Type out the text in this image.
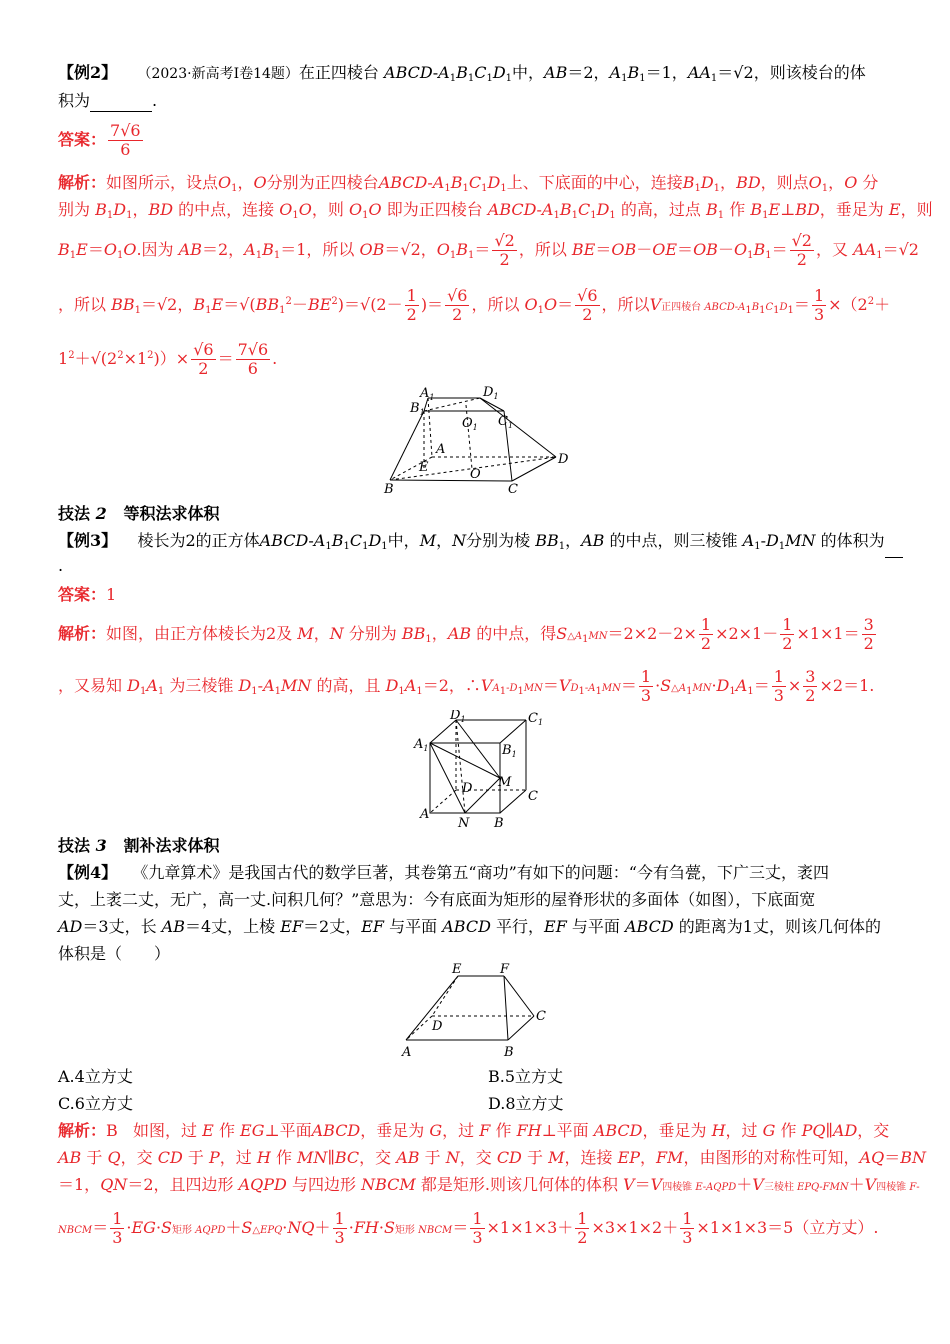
【例2】 （2023·新高考Ⅰ卷14题）在正四棱台 ABCD-$A_1B_1C_1D_1$中，AB＝2，$A_1B_1=1$，$AA_1=√2$，则该棱台的体
积为	.
答案： $\frac{7√6}{6}$
解析：如图所示，设点$O_1$，O分别为正四棱台ABCD-$A_1B_1C_1D_1$上、下底面的中心，连接$B_1D_1$，BD，则点$O_1$，O 分
别为 $B_1D_1$，BD 的中点，连接 $O_1O$，则 $O_1O$ 即为正四棱台 ABCD-$A_1B_1C_1D_1$ 的高，过点 $B_1$ 作 $B_1E\perp BD$，垂足为 E，则
$B_1E=O_1O$.因为 AB＝2，$A_1B_1=1$，所以 OB＝√2，$O_1B_1= \frac{√2}{2}$ ，所以 $BE=OB-OE=OB-O_1B_1= \frac{√2}{2}$ ，又 $AA_1=√2$
，所以 $BB_1=√2$，$B_1E=√(BB_1^2-BE^2)=√(2- \frac{1}{2}$ )＝ $\frac{√6}{2}$ ，所以 $O_1O= \frac{√6}{2}$ ，所以V正四棱台 ABCD-$A_1B_1C_1D_1= \frac{1}{3} \times(2^2+$
$1^2+√(2^2\times 1^2))\times \frac{√6}{2} = \frac{7√6}{6}$ .
$A_1$	$D_1$
$B_1$
$C_1$
$O_1$
A
D
E	O
B	C
技法 2 等积法求体积
【例3】 棱长为2的正方体ABCD-$A_1B_1C_1D_1$中，M，N分别为棱 $BB_1$，AB 的中点，则三棱锥 $A_1-D_1MN$ 的体积为
.
答案：1
解析：如图，由正方体棱长为2及 M，N 分别为 $BB_1$，AB 的中点，得$S\triangle A_1MN=2\times 2-2\times \frac{1}{2} \times 2\times 1- \frac{1}{2} \times 1\times 1= \frac{3}{2}$
，又易知 $D_1A_1$ 为三棱锥 $D_1-A_1MN$ 的高，且 $D_1A_1=2$，$\therefore VA_1-D_1MN=VD_1-A_1MN= \frac{1}{3}$ $\cdot S\triangle A_1MN\cdot D_1A_1= \frac{1}{3} \times \frac{3}{2} \times 2=1$.
$D_1$	$C_1$
$A_1$	$B_1$
M
D
C
A
N B
技法 3 割补法求体积
【例4】 《九章算术》是我国古代的数学巨著，其卷第五“商功”有如下的问题：“今有刍甍，下广三丈，袤四
丈，上袤二丈，无广，高一丈.问积几何？”意思为：今有底面为矩形的屋脊形状的多面体（如图），下底面宽
AD＝3丈，长 AB＝4丈，上棱 EF＝2丈，EF 与平面 ABCD 平行，EF 与平面 ABCD 的距离为1丈，则该几何体的
体积是（　　）
E	F
D
C
A	B
A.4立方丈	B.5立方丈
C.6立方丈	D.8立方丈
解析：B 如图，过 E 作 EG⊥平面ABCD，垂足为 G，过 F 作 FH⊥平面 ABCD，垂足为 H，过 G 作 PQ∥AD，交
AB 于 Q，交 CD 于 P，过 H 作 MN∥BC，交 AB 于 N，交 CD 于 M，连接 EP，FM，由图形的对称性可知，AQ＝BN
＝1，QN＝2，且四边形 AQPD 与四边形 NBCM 都是矩形.则该几何体的体积 V＝V四棱锥 E-AQPD＋V三棱柱 EPQ-FMN＋V四棱锥 F-
NBCM＝ $\frac{1}{3} \cdot EG\cdot S$矩形 AQPD＋S△EPQ·NQ＋ $\frac{1}{3} \cdot FH\cdot S$矩形 NBCM＝ $\frac{1}{3} \times 1\times 1\times 3+ \frac{1}{2} \times 3\times 1\times 2+ \frac{1}{3} \times 1\times 1\times 3=5$（立方丈）.
